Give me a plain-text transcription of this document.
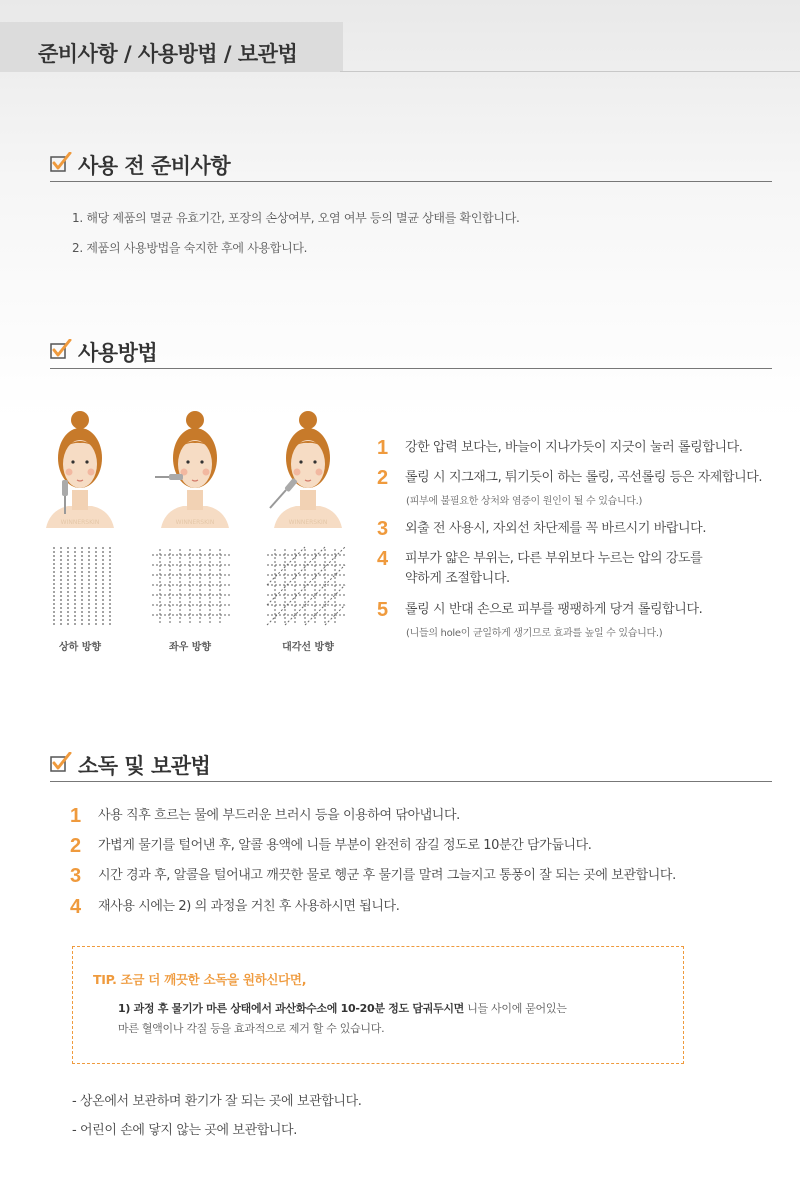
준비사항 / 사용방법 / 보관법
사용 전 준비사항
1. 해당 제품의 멸균 유효기간, 포장의 손상여부, 오염 여부 등의 멸균 상태를 확인합니다.
2. 제품의 사용방법을 숙지한 후에 사용합니다.
사용방법
WINNERSKIN	WINNERSKIN	WINNERSKIN
상하 방향	좌우 방향	대각선 방향
1 강한 압력 보다는, 바늘이 지나가듯이 지긋이 눌러 롤링합니다.
2 롤링 시 지그재그, 튀기듯이 하는 롤링, 곡선롤링 등은 자제합니다.
(피부에 불필요한 상처와 염증이 원인이 될 수 있습니다.)
3 외출 전 사용시, 자외선 차단제를 꼭 바르시기 바랍니다.
4 피부가 얇은 부위는, 다른 부위보다 누르는 압의 강도를
약하게 조절합니다.
5 롤링 시 반대 손으로 피부를 팽팽하게 당겨 롤링합니다.
(니들의 hole이 균일하게 생기므로 효과를 높일 수 있습니다.)
소독 및 보관법
1 사용 직후 흐르는 물에 부드러운 브러시 등을 이용하여 닦아냅니다.
2 가볍게 물기를 털어낸 후, 알콜 용액에 니들 부분이 완전히 잠길 정도로 10분간 담가둡니다.
3 시간 경과 후, 알콜을 털어내고 깨끗한 물로 헹군 후 물기를 말려 그늘지고 통풍이 잘 되는 곳에 보관합니다.
4 재사용 시에는 2) 의 과정을 거친 후 사용하시면 됩니다.
TIP. 조금 더 깨끗한 소독을 원하신다면,
1) 과정 후 물기가 마른 상태에서 과산화수소에 10-20분 정도 담궈두시면 니들 사이에 묻어있는
마른 혈액이나 각질 등을 효과적으로 제거 할 수 있습니다.
- 상온에서 보관하며 환기가 잘 되는 곳에 보관합니다.
- 어린이 손에 닿지 않는 곳에 보관합니다.
